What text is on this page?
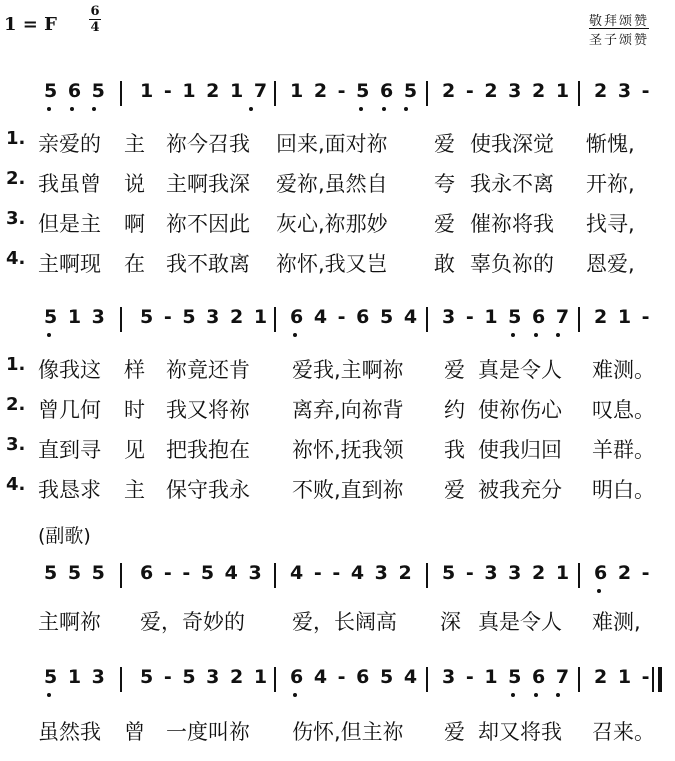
1 = F
6
4	敬拜颂赞
圣子颂赞
5 6 5 1 - 1 2 1 7 1 2 - 5 6 5 2 - 2 3 2 1 2 3 -
1. 亲爱的 主 祢今召我 回来,面对祢 爱 使我深觉 惭愧,
2. 我虽曾 说 主啊我深 爱祢,虽然自 夸 我永不离 开祢,
3. 但是主 啊 祢不因此 灰心,祢那妙 爱 催祢将我 找寻,
4. 主啊现 在 我不敢离 祢怀,我又岂 敢 辜负祢的 恩爱,
5 1 3 5 - 5 3 2 1 6 4 - 6 5 4 3 - 1 5 6 7 2 1 -
1. 像我这 样 祢竟还肯 爱我,主啊祢 爱 真是令人 难测。
2. 曾几何 时 我又将祢 离弃,向祢背 约 使祢伤心 叹息。
3. 直到寻 见 把我抱在 祢怀,抚我领 我 使我归回 羊群。
4. 我恳求 主 保守我永 不败,直到祢 爱 被我充分 明白。
(副歌)
5 5 5 6 - - 5 4 3 4 - - 4 3 2 5 - 3 3 2 1 6 2 -
主啊祢 爱，奇妙的 爱，长阔高 深 真是令人 难测,
5 1 3 5 - 5 3 2 1 6 4 - 6 5 4 3 - 1 5 6 7 2 1 -
虽然我 曾 一度叫祢 伤怀,但主祢 爱 却又将我 召来。
